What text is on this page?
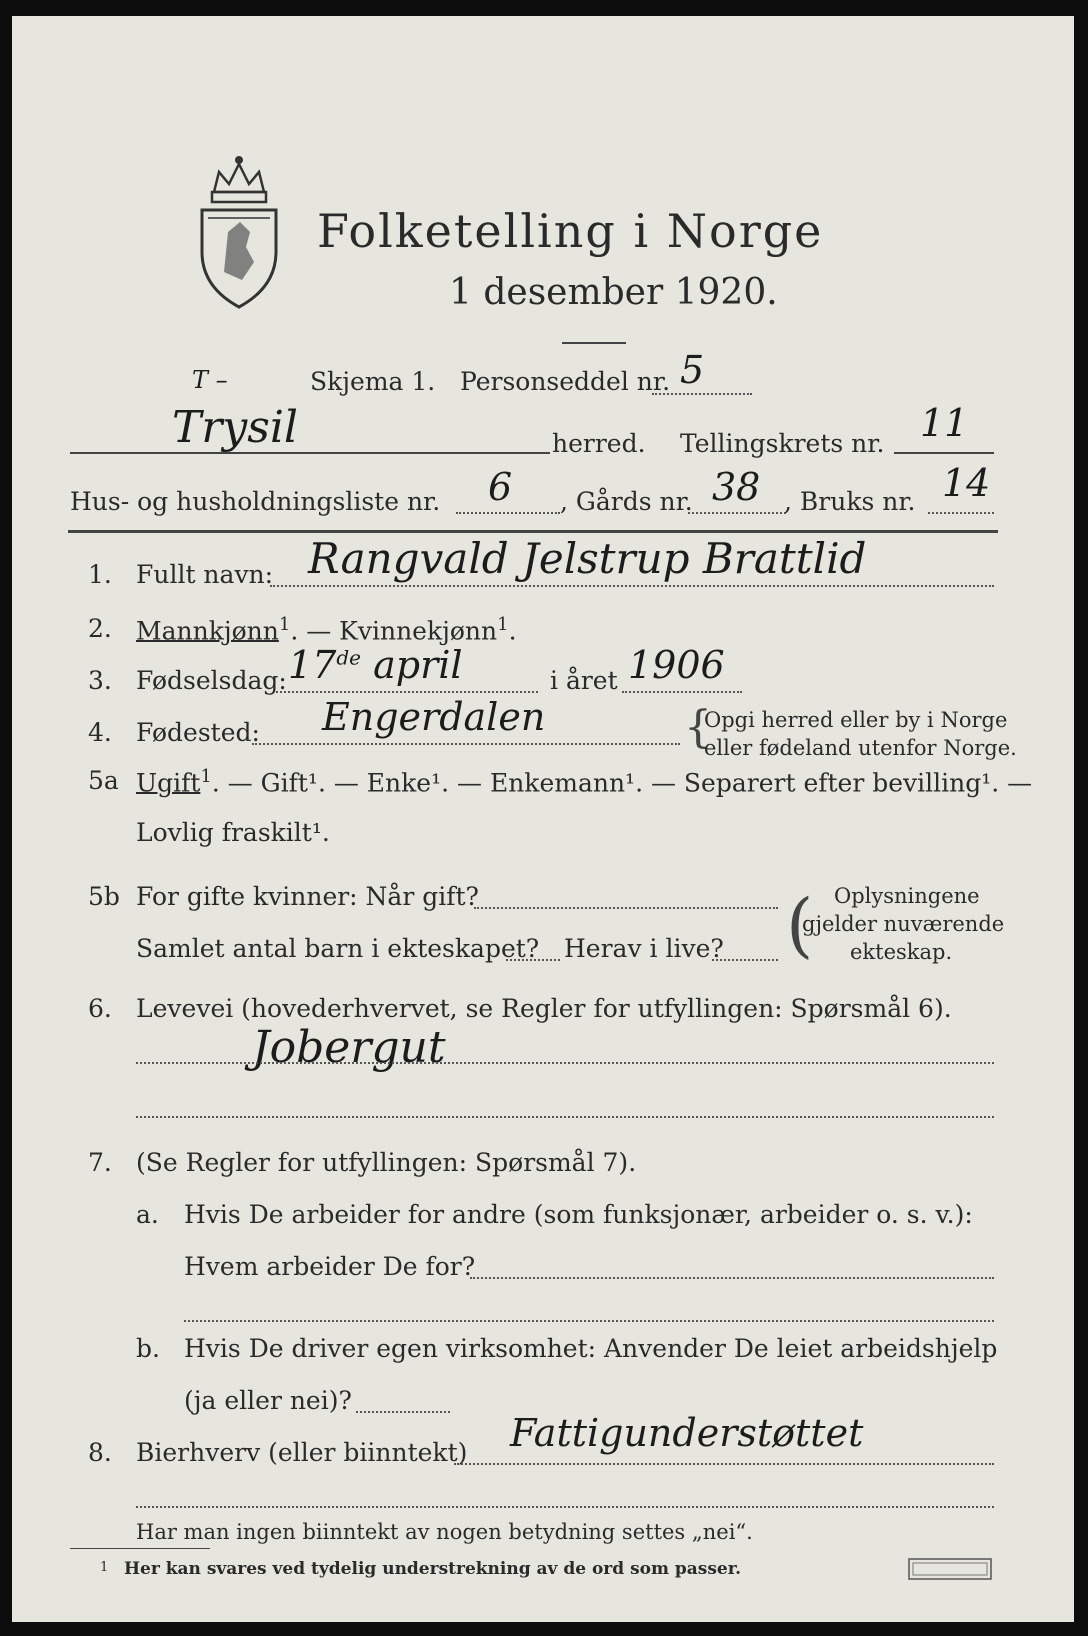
Folketelling i Norge
1 desember 1920.
T –	Skjema 1. Personseddel nr. 5
Trysil	herred. Tellingskrets nr. 11
Hus- og husholdningsliste nr. 6 , Gårds nr. 38 , Bruks nr. 14
1. Fullt navn: Rangvald Jelstrup Brattlid
2. Mannkjønn$^1$. — Kvinnekjønn$^1$.
3. Fødselsdag: 17de april	i året 1906
4. Fødested: Engerdalen	{
Opgi herred eller by i Norge
eller fødeland utenfor Norge.
5a Ugift$^1$. — Gift¹. — Enke¹. — Enkemann¹. — Separert efter bevilling¹. —
Lovlig fraskilt¹.
5b For gifte kvinner: Når gift?
Samlet antal barn i ekteskapet? Herav i live? ( Oplysningene
gjelder nuværende
ekteskap.
6. Levevei (hovederhvervet, se Regler for utfyllingen: Spørsmål 6).
Jobergut
7. (Se Regler for utfyllingen: Spørsmål 7).
a. Hvis De arbeider for andre (som funksjonær, arbeider o. s. v.):
Hvem arbeider De for?
b. Hvis De driver egen virksomhet: Anvender De leiet arbeidshjelp
(ja eller nei)?
8. Bierhverv (eller biinntekt) Fattigunderstøttet
Har man ingen biinntekt av nogen betydning settes „nei“.
1 Her kan svares ved tydelig understrekning av de ord som passer.
